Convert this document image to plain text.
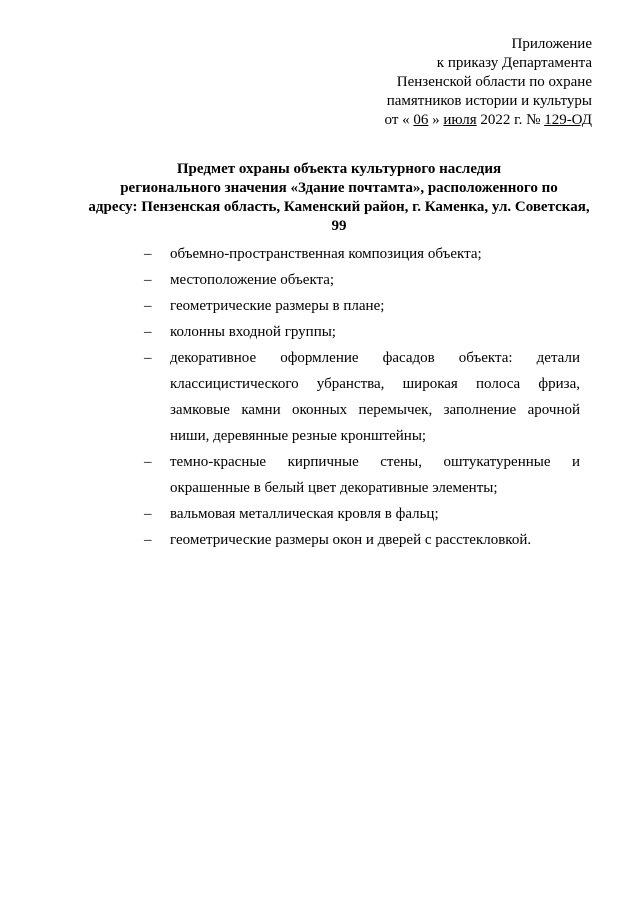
Приложение
к приказу Департамента
Пензенской области по охране
памятников истории и культуры
от « 06 » июля 2022 г. № 129-ОД
Предмет охраны объекта культурного наследия
регионального значения «Здание почтамта», расположенного по
адресу: Пензенская область, Каменский район, г. Каменка, ул. Советская,
99
–	объемно-пространственная композиция объекта;
–	местоположение объекта;
–	геометрические размеры в плане;
–	колонны входной группы;
–	декоративное оформление фасадов объекта: детали классицистического убранства, широкая полоса фриза, замковые камни оконных перемычек, заполнение арочной ниши, деревянные резные кронштейны;
–	темно-красные кирпичные стены, оштукатуренные и окрашенные в белый цвет декоративные элементы;
–	вальмовая металлическая кровля в фальц;
–	геометрические размеры окон и дверей с расстекловкой.
